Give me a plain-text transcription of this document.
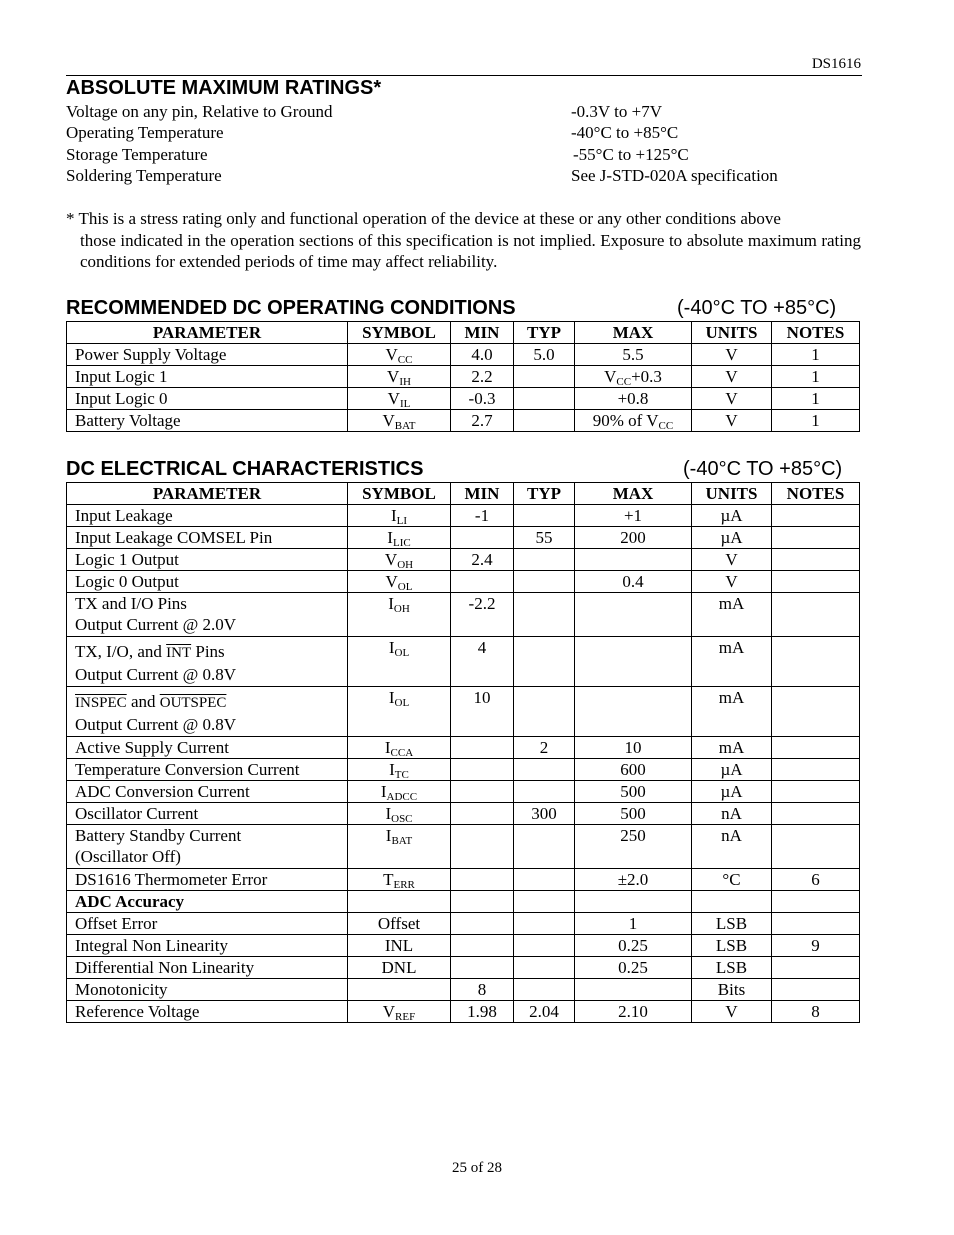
DS1616
ABSOLUTE MAXIMUM RATINGS*
Voltage on any pin, Relative to Ground	-0.3V to +7V
Operating Temperature	-40°C to +85°C
Storage Temperature	-55°C to +125°C
Soldering Temperature	See J-STD-020A specification
* This is a stress rating only and functional operation of the device at these or any other conditions above
those indicated in the operation sections of this specification is not implied. Exposure to absolute maximum rating conditions for extended periods of time may affect reliability.
RECOMMENDED DC OPERATING CONDITIONS	(-40°C TO +85°C)
PARAMETER	SYMBOL	MIN	TYP	MAX	UNITS	NOTES
Power Supply Voltage	$V_{CC}$	4.0	5.0	5.5	V	1
Input Logic 1	$V_{IH}$	2.2		$V_{CC}+0.3$	V	1
Input Logic 0	$V_{IL}$	-0.3		+0.8	V	1
Battery Voltage	$V_{BAT}$	2.7		90% of $V_{CC}$	V	1
DC ELECTRICAL CHARACTERISTICS	(-40°C TO +85°C)
PARAMETER	SYMBOL	MIN	TYP	MAX	UNITS	NOTES
Input Leakage	$I_{LI}$	-1		+1	µA	
Input Leakage COMSEL Pin	$I_{LIC}$		55	200	µA	
Logic 1 Output	$V_{OH}$	2.4			V	
Logic 0 Output	$V_{OL}$			0.4	V	
TX and I/O Pins
Output Current @ 2.0V	$I_{OH}$	-2.2			mA	
TX, I/O, and $\overline{INT}$ Pins
Output Current @ 0.8V	$I_{OL}$	4			mA	
INSPEC and OUTSPEC
Output Current @ 0.8V	$I_{OL}$	10			mA	
Active Supply Current	$I_{CCA}$		2	10	mA	
Temperature Conversion Current	$I_{TC}$			600	µA	
ADC Conversion Current	$I_{ADCC}$			500	µA	
Oscillator Current	$I_{OSC}$		300	500	nA	
Battery Standby Current
(Oscillator Off)	$I_{BAT}$			250	nA	
DS1616 Thermometer Error	$T_{ERR}$			±2.0	°C	6
ADC Accuracy						
Offset Error	Offset			1	LSB	
Integral Non Linearity	INL			0.25	LSB	9
Differential Non Linearity	DNL			0.25	LSB	
Monotonicity		8			Bits	
Reference Voltage	$V_{REF}$	1.98	2.04	2.10	V	8
25 of 28
